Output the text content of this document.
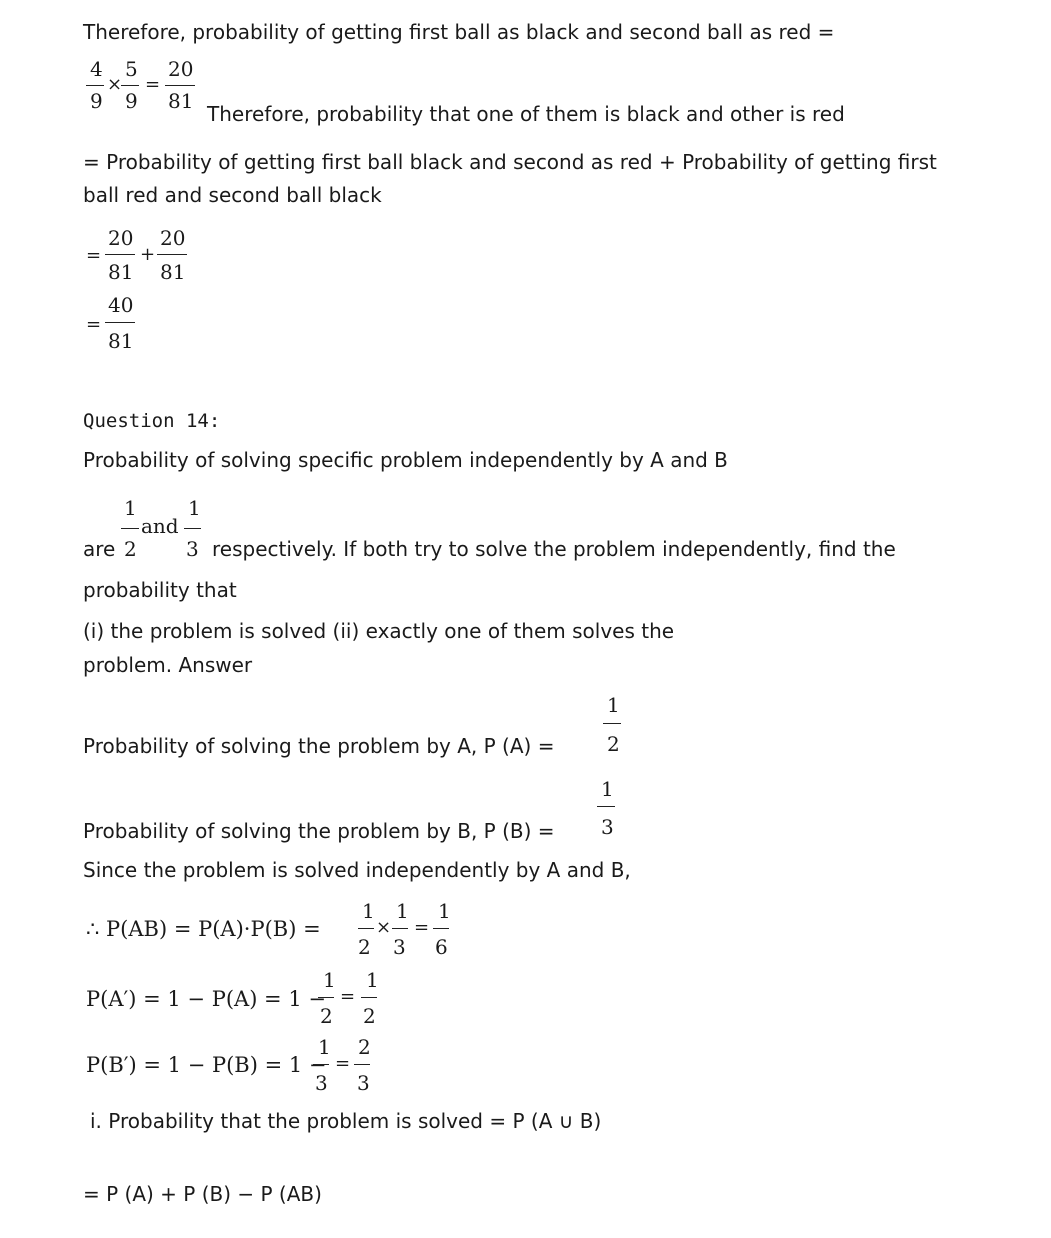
Therefore, probability of getting first ball as black and second ball as red =
4
9
×
5
9
=
20
81
Therefore, probability that one of them is black and other is red
= Probability of getting first ball black and second as red + Probability of getting first
ball red and second ball black
=
20
81
+
20
81
=
40
81
Question 14:
Probability of solving specific problem independently by A and B
are
1
2
and
1
3 respectively. If both try to solve the problem independently, find the
probability that
(i) the problem is solved (ii) exactly one of them solves the
problem. Answer
Probability of solving the problem by A, P (A) =
1
2
Probability of solving the problem by B, P (B) =
1
3
Since the problem is solved independently by A and B,
∴ P(AB) = P(A)·P(B) =
1
2
×
1
3
=
1
6
P(A′) = 1 − P(A) = 1 −
1
2
=
1
2
P(B′) = 1 − P(B) = 1 −
1
3
=
2
3
i. Probability that the problem is solved = P (A ∪ B)
= P (A) + P (B) − P (AB)
